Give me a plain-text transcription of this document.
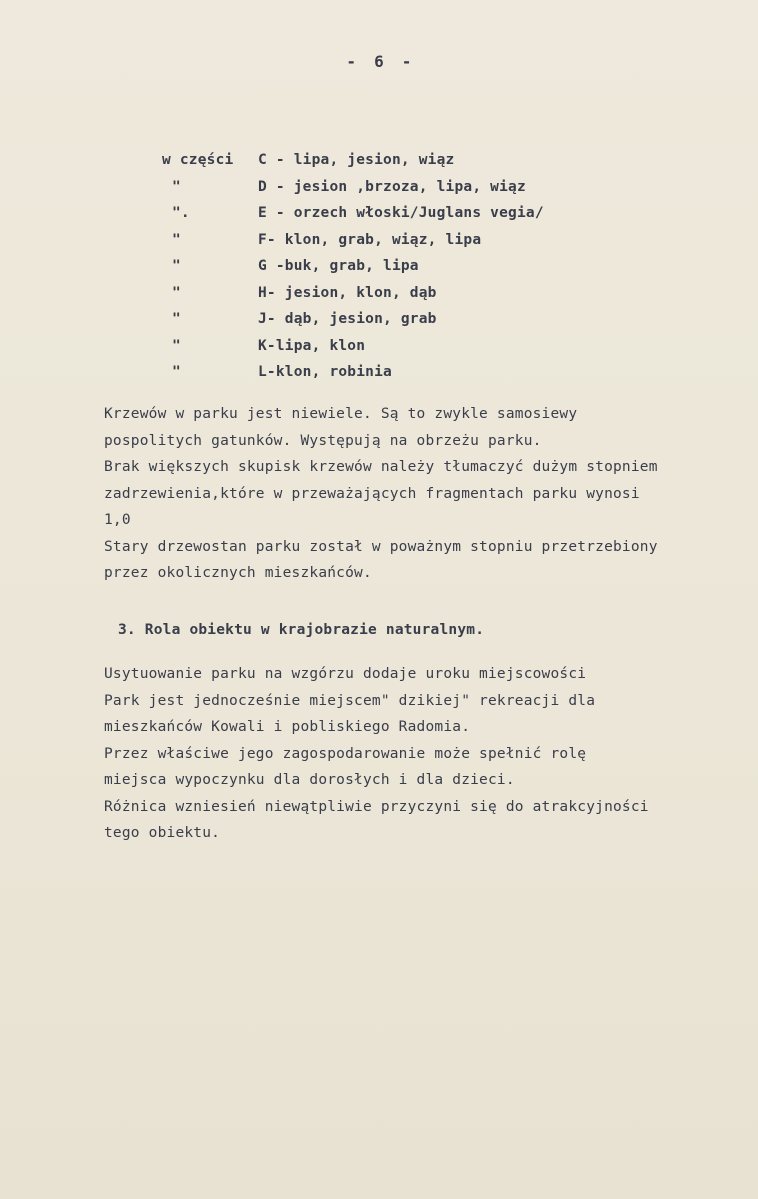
- 6 -
w części	C - lipa, jesion, wiąz
"	D - jesion ,brzoza, lipa, wiąz
".	E - orzech włoski/Juglans vegia/
"	F- klon, grab, wiąz, lipa
"	G -buk, grab, lipa
"	H- jesion, klon, dąb
"	J- dąb, jesion, grab
"	K-lipa, klon
"	L-klon, robinia
Krzewów w parku jest niewiele. Są to zwykle samosiewy
pospolitych gatunków. Występują na obrzeżu parku.
Brak większych skupisk krzewów należy tłumaczyć dużym stopniem
zadrzewienia,które w przeważających fragmentach parku wynosi
1,0
Stary drzewostan parku został w poważnym stopniu przetrzebiony
przez okolicznych mieszkańców.
3. Rola obiektu w krajobrazie naturalnym.
Usytuowanie parku na wzgórzu dodaje uroku miejscowości
Park jest jednocześnie miejscem" dzikiej" rekreacji dla
mieszkańców Kowali i pobliskiego Radomia.
Przez właściwe jego zagospodarowanie może spełnić rolę
miejsca wypoczynku dla dorosłych i dla dzieci.
Różnica wzniesień niewątpliwie przyczyni się do atrakcyjności
tego obiektu.
